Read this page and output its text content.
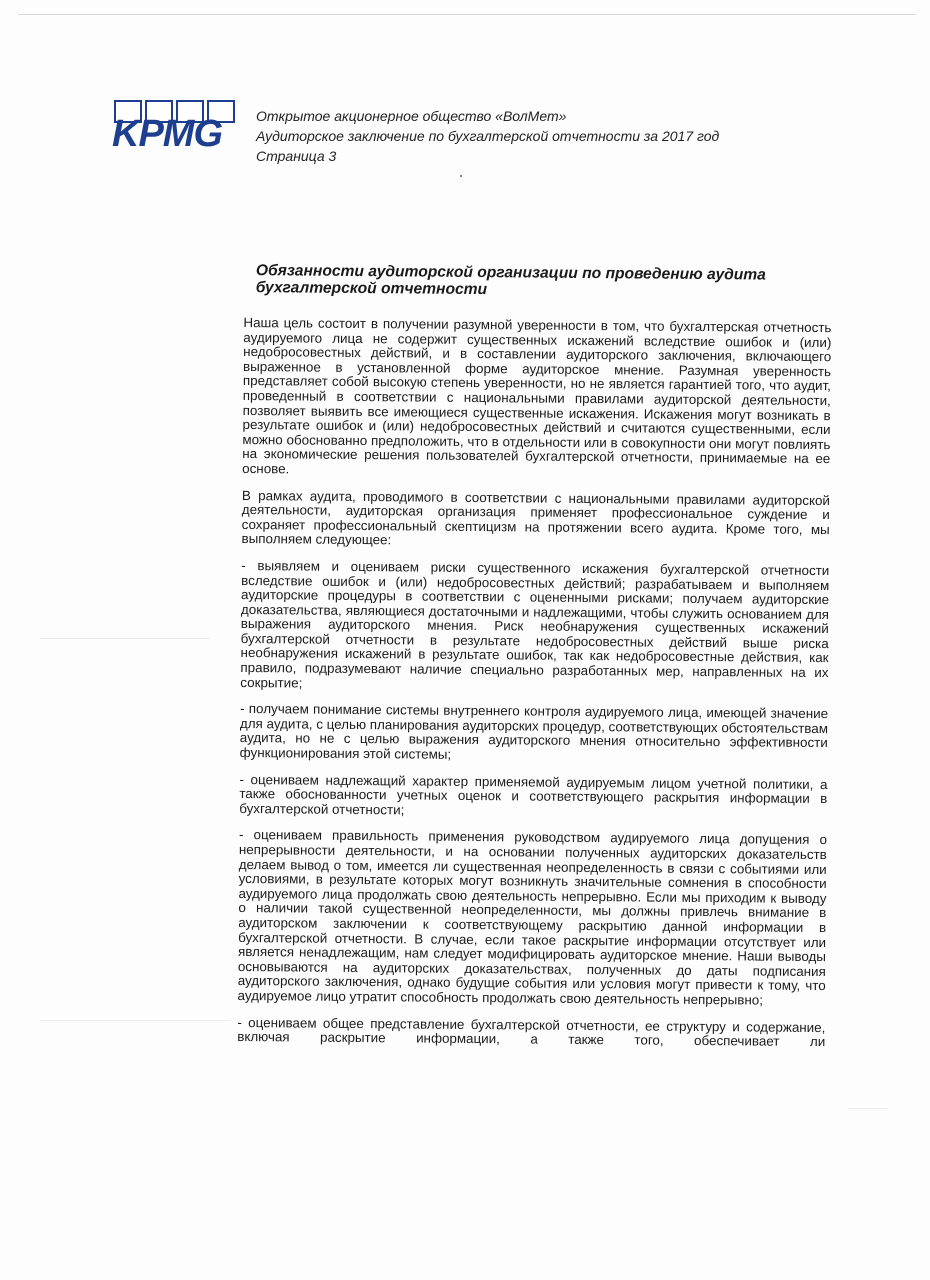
KPMG Открытое акционерное общество «ВолМет»
Аудиторское заключение по бухгалтерской отчетности за 2017 год
Страница 3
Обязанности аудиторской организации по проведению аудита бухгалтерской отчетности

Наша цель состоит в получении разумной уверенности в том, что бухгалтерская отчетность аудируемого лица не содержит существенных искажений вследствие ошибок и (или) недобросовестных действий, и в составлении аудиторского заключения, включающего выраженное в установленной форме аудиторское мнение. Разумная уверенность представляет собой высокую степень уверенности, но не является гарантией того, что аудит, проведенный в соответствии с национальными правилами аудиторской деятельности, позволяет выявить все имеющиеся существенные искажения. Искажения могут возникать в результате ошибок и (или) недобросовестных действий и считаются существенными, если можно обоснованно предположить, что в отдельности или в совокупности они могут повлиять на экономические решения пользователей бухгалтерской отчетности, принимаемые на ее основе.

В рамках аудита, проводимого в соответствии с национальными правилами аудиторской деятельности, аудиторская организация применяет профессиональное суждение и сохраняет профессиональный скептицизм на протяжении всего аудита. Кроме того, мы выполняем следующее:

- выявляем и оцениваем риски существенного искажения бухгалтерской отчетности вследствие ошибок и (или) недобросовестных действий; разрабатываем и выполняем аудиторские процедуры в соответствии с оцененными рисками; получаем аудиторские доказательства, являющиеся достаточными и надлежащими, чтобы служить основанием для выражения аудиторского мнения. Риск необнаружения существенных искажений бухгалтерской отчетности в результате недобросовестных действий выше риска необнаружения искажений в результате ошибок, так как недобросовестные действия, как правило, подразумевают наличие специально разработанных мер, направленных на их сокрытие;

- получаем понимание системы внутреннего контроля аудируемого лица, имеющей значение для аудита, с целью планирования аудиторских процедур, соответствующих обстоятельствам аудита, но не с целью выражения аудиторского мнения относительно эффективности функционирования этой системы;

- оцениваем надлежащий характер применяемой аудируемым лицом учетной политики, а также обоснованности учетных оценок и соответствующего раскрытия информации в бухгалтерской отчетности;

- оцениваем правильность применения руководством аудируемого лица допущения о непрерывности деятельности, и на основании полученных аудиторских доказательств делаем вывод о том, имеется ли существенная неопределенность в связи с событиями или условиями, в результате которых могут возникнуть значительные сомнения в способности аудируемого лица продолжать свою деятельность непрерывно. Если мы приходим к выводу о наличии такой существенной неопределенности, мы должны привлечь внимание в аудиторском заключении к соответствующему раскрытию данной информации в бухгалтерской отчетности. В случае, если такое раскрытие информации отсутствует или является ненадлежащим, нам следует модифицировать аудиторское мнение. Наши выводы основываются на аудиторских доказательствах, полученных до даты подписания аудиторского заключения, однако будущие события или условия могут привести к тому, что аудируемое лицо утратит способность продолжать свою деятельность непрерывно;

- оцениваем общее представление бухгалтерской отчетности, ее структуру и содержание, включая раскрытие информации, а также того, обеспечивает ли
